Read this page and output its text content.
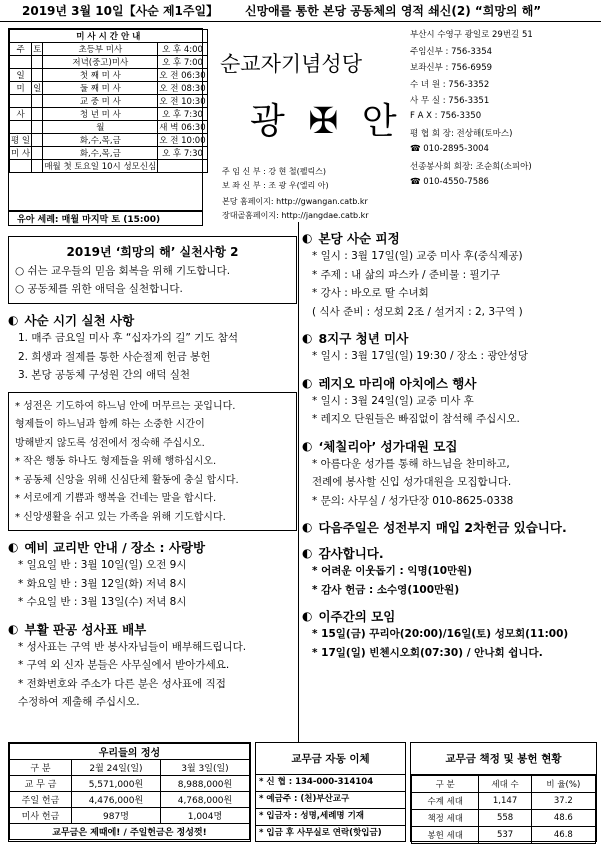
2019년 3월 10일【사순 제1주일】	신망애를 통한 본당 공동체의 영적 쇄신(2) “희망의 해”
미 사 시 간 안 내			
주	토	초등부 미사	오 후 4:00
		저녁(중고)미사	오 후 7:00
일		첫 째 미 사	오 전 06:30
미	일	둘 째 미 사	오 전 08:30
		교 중 미 사	오 전 10:30
사		청 년 미 사	오 후 7:30
		월	새 벽 06:30
평 일		화,수,목,금	오 전 10:00
미 사		화,수,목,금	오 후 7:30
		매월 첫 토요일 10시 성모신심	
유아 세례: 매월 마지막 토 (15:00)
순교자기념성당
광 ✠ 안
주 임 신 부 : 강 현 철(펠릭스)
보 좌 신 부 : 조 광 우(엘리 아)
본당 홈페이지: http://gwangan.catb.kr
장대골홈페이지: http://jangdae.catb.kr
부산시 수영구 광일로 29번길 51
주임신부 : 756-3354
보좌신부 : 756-6959
수 녀 원 : 756-3352
사 무 실 : 756-3351
F A X : 756-3350
평 협 회 장: 전상해(토마스)
☎ 010-2895-3004
선종봉사회 회장: 조순희(소피아)
☎ 010-4550-7586
2019년 ‘희망의 해’ 실천사항 2
○ 쉬는 교우들의 믿음 회복을 위해 기도합니다.
○ 공동체를 위한 애덕을 실천합니다.
◐ 사순 시기 실천 사항
1. 매주 금요일 미사 후 “십자가의 길” 기도 참석
2. 희생과 절제를 통한 사순절제 헌금 봉헌
3. 본당 공동체 구성원 간의 애덕 실천
* 성전은 기도하여 하느님 안에 머무르는 곳입니다.
형제들이 하느님과 함께 하는 소중한 시간이
방해받지 않도록 성전에서 정숙해 주십시오.
* 작은 행동 하나도 형제들을 위해 행하십시오.
* 공동체 신앙을 위해 신심단체 활동에 충실 합시다.
* 서로에게 기쁨과 행복을 건네는 말을 합시다.
* 신앙생활을 쉬고 있는 가족을 위해 기도합시다.
◐ 예비 교리반 안내 / 장소 : 사랑방
* 일요일 반 : 3월 10일(일) 오전 9시
* 화요일 반 : 3월 12일(화) 저녁 8시
* 수요일 반 : 3월 13일(수) 저녁 8시
◐ 부활 판공 성사표 배부
* 성사표는 구역 반 봉사자님들이 배부해드립니다.
* 구역 외 신자 분들은 사무실에서 받아가세요.
* 전화번호와 주소가 다른 분은 성사표에 직접
수정하여 제출해 주십시오.
◐ 본당 사순 피정
* 일시 : 3월 17일(일) 교중 미사 후(중식제공)
* 주제 : 내 삶의 파스카 / 준비물 : 필기구
* 강사 : 바오로 딸 수녀회
( 식사 준비 : 성모회 2조 / 설거지 : 2, 3구역 )
◐ 8지구 청년 미사
* 일시 : 3월 17일(일) 19:30 / 장소 : 광안성당
◐ 레지오 마리애 아치에스 행사
* 일시 : 3월 24일(일) 교중 미사 후
* 레지오 단원들은 빠짐없이 참석해 주십시오.
◐ ‘체칠리아’ 성가대원 모집
* 아름다운 성가를 통해 하느님을 찬미하고,
전례에 봉사할 신입 성가대원을 모집합니다.
* 문의: 사무실 / 성가단장 010-8625-0338
◐ 다음주일은 성전부지 매입 2차헌금 있습니다.
◐ 감사합니다.
* 어려운 이웃돕기 : 익명(10만원)
* 감사 헌금 : 소수영(100만원)
◐ 이주간의 모임
* 15일(금) 꾸리아(20:00)/16일(토) 성모회(11:00)
* 17일(일) 빈첸시오회(07:30) / 안나회 쉽니다.
우리들의 정성		
구 분	2월 24일(일)	3월 3일(일)
교 무 금	5,571,000원	8,988,000원
주일 헌금	4,476,000원	4,768,000원
미사 헌금	987명	1,004명
교무금은 제때에! / 주일헌금은 정성껏!		
교무금 자동 이체
* 신 협 : 134-000-314104
* 예금주 : (천)부산교구
* 입금자 : 성명,세례명 기재
* 입금 후 사무실로 연락(핫입금)
교무금 책정 및 봉헌 현황
구 분	세대 수	비 율(%)
수계 세대	1,147	37.2
책정 세대	558	48.6
봉헌 세대	537	46.8
